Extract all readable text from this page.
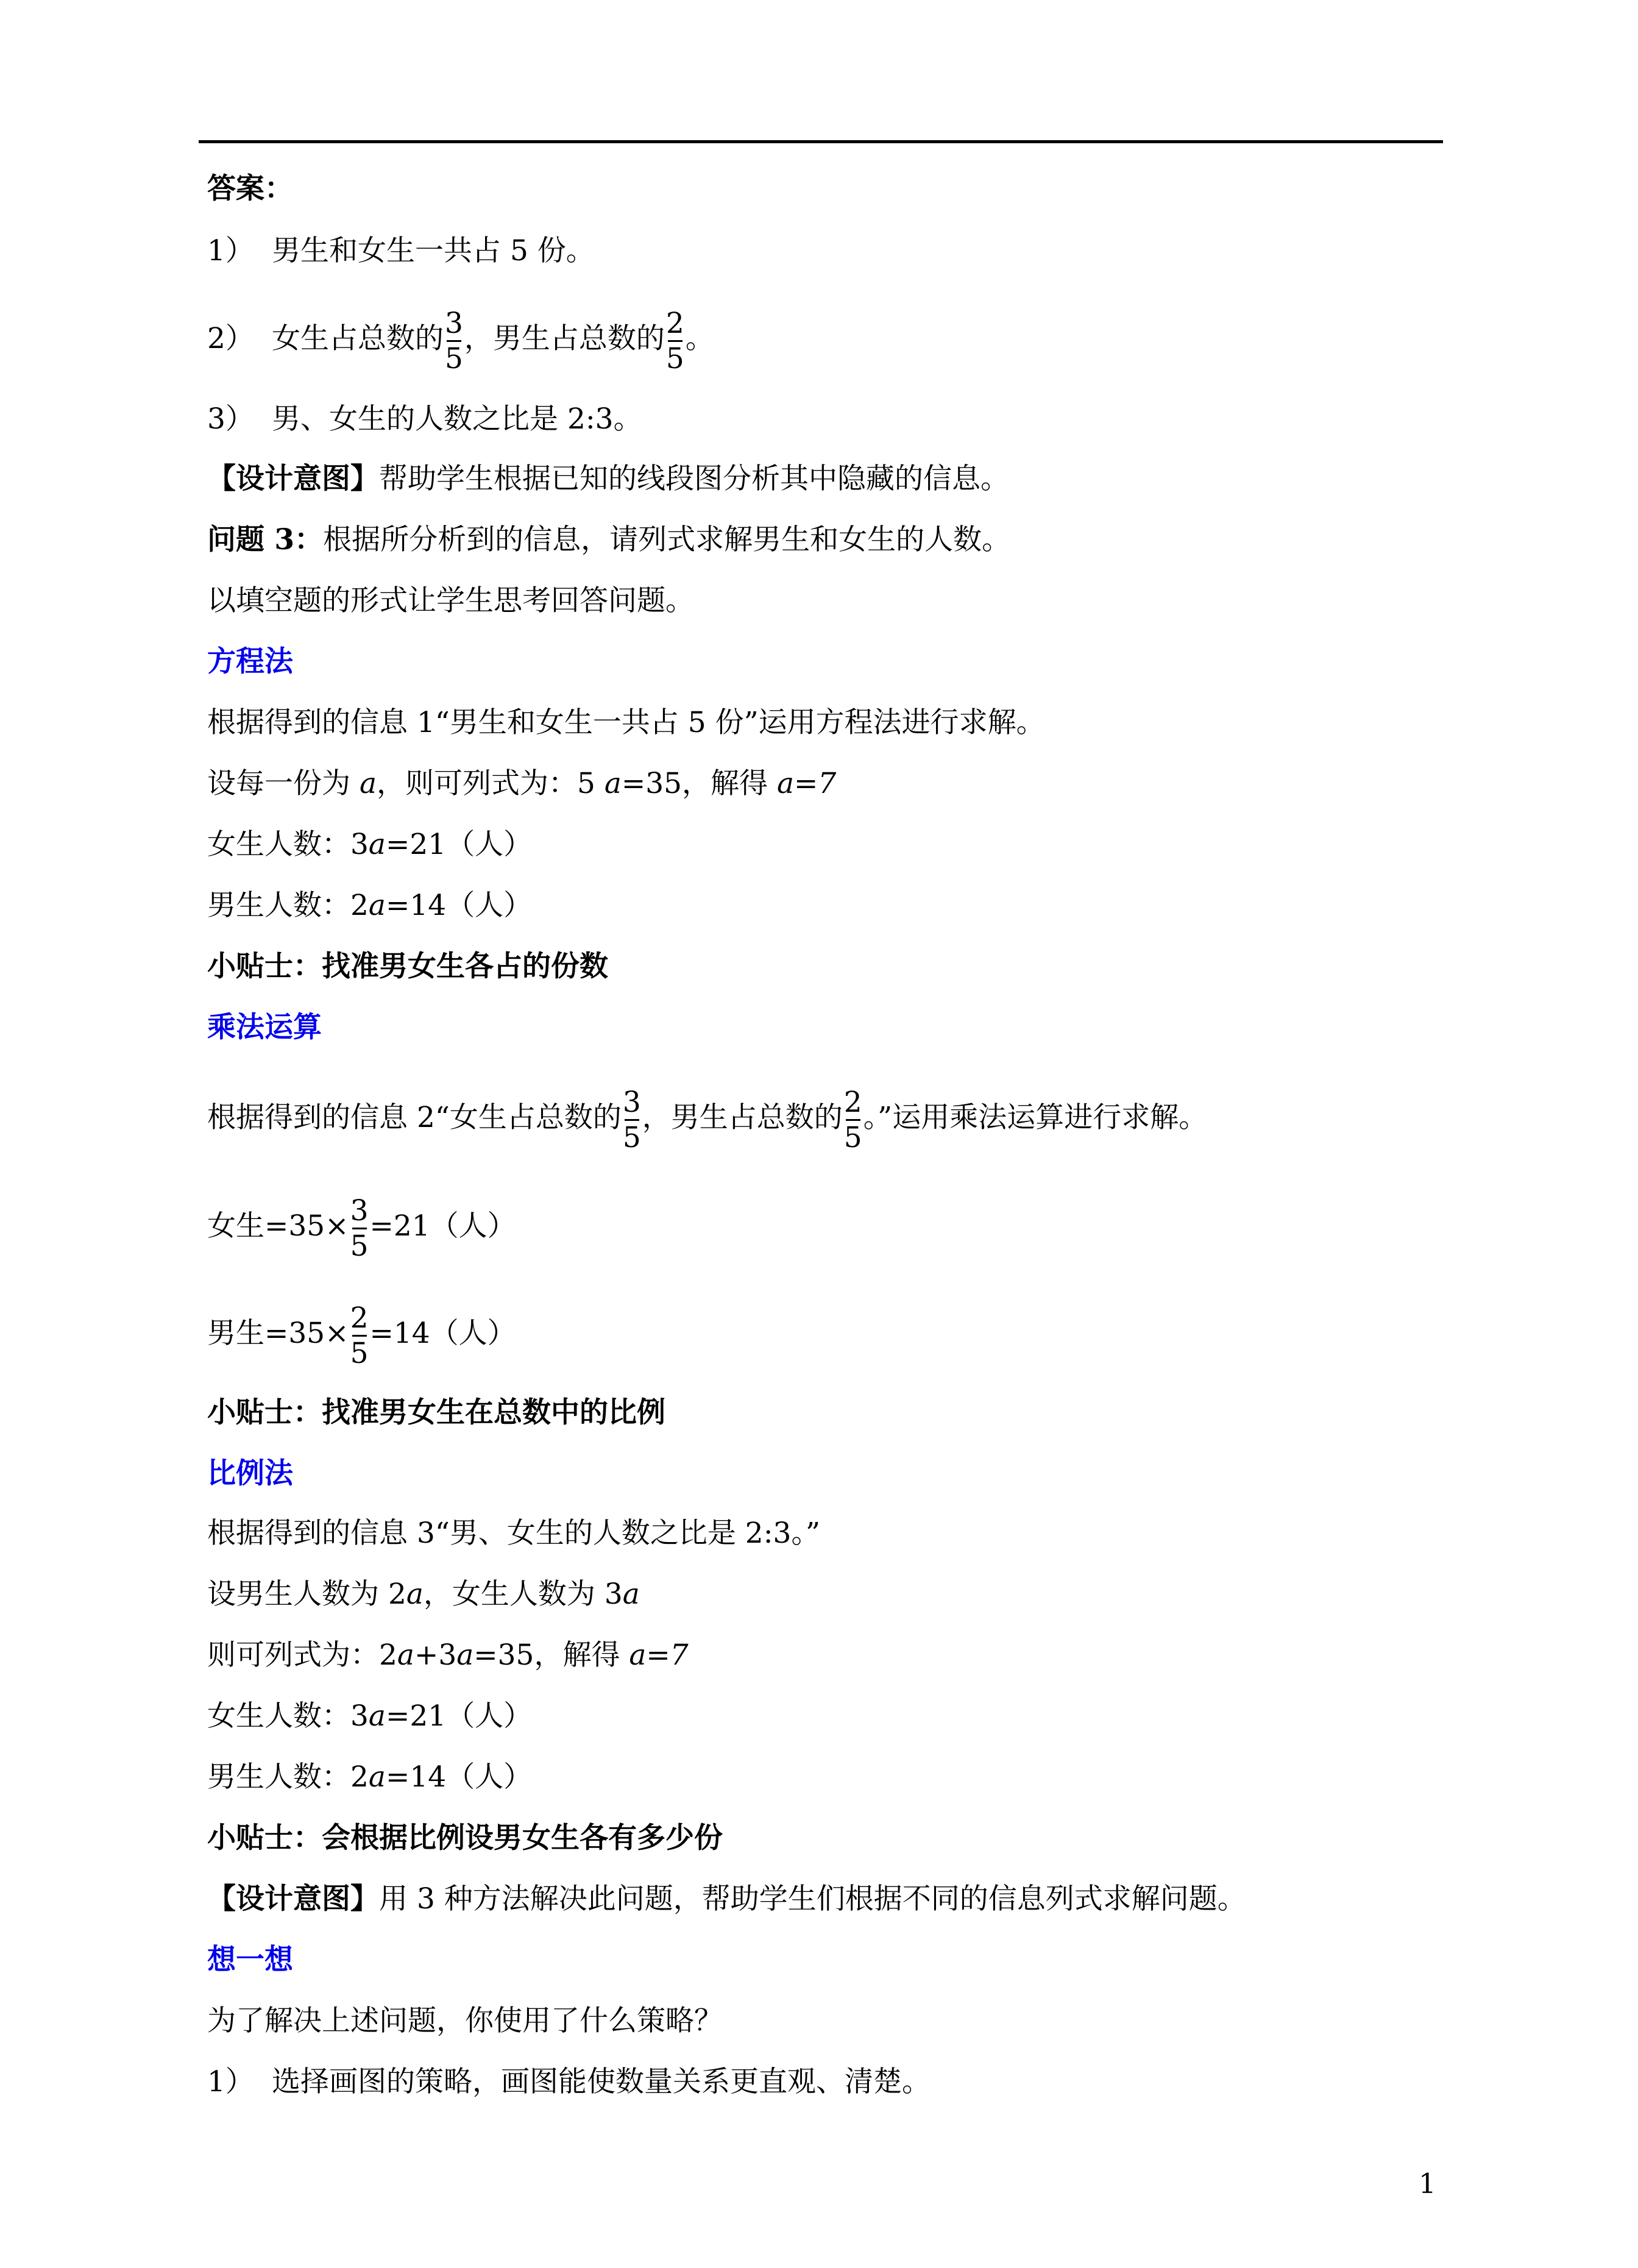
答案：
1） 男生和女生一共占 5 份。
2） 女生占总数的 $\frac{3}{5}$ ，男生占总数的 $\frac{2}{5}$ 。
3） 男、女生的人数之比是 2:3。
【设计意图】帮助学生根据已知的线段图分析其中隐藏的信息。
问题 3：根据所分析到的信息，请列式求解男生和女生的人数。
以填空题的形式让学生思考回答问题。
方程法
根据得到的信息 1“男生和女生一共占 5 份”运用方程法进行求解。
设每一份为 a，则可列式为：5 a=35，解得 a=7
女生人数：3a=21（人）
男生人数：2a=14（人）
小贴士：找准男女生各占的份数
乘法运算
根据得到的信息 2“女生占总数的 $\frac{3}{5}$ ，男生占总数的 $\frac{2}{5}$ 。”运用乘法运算进行求解。
女生$=35\times \frac{3}{5} =21$（人）
男生$=35\times \frac{2}{5} =14$（人）
小贴士：找准男女生在总数中的比例
比例法
根据得到的信息 3“男、女生的人数之比是 2:3。”
设男生人数为 2a，女生人数为 3a
则可列式为：2a+3a=35，解得 a=7
女生人数：3a=21（人）
男生人数：2a=14（人）
小贴士：会根据比例设男女生各有多少份
【设计意图】用 3 种方法解决此问题，帮助学生们根据不同的信息列式求解问题。
想一想
为了解决上述问题，你使用了什么策略？
1） 选择画图的策略，画图能使数量关系更直观、清楚。
1
